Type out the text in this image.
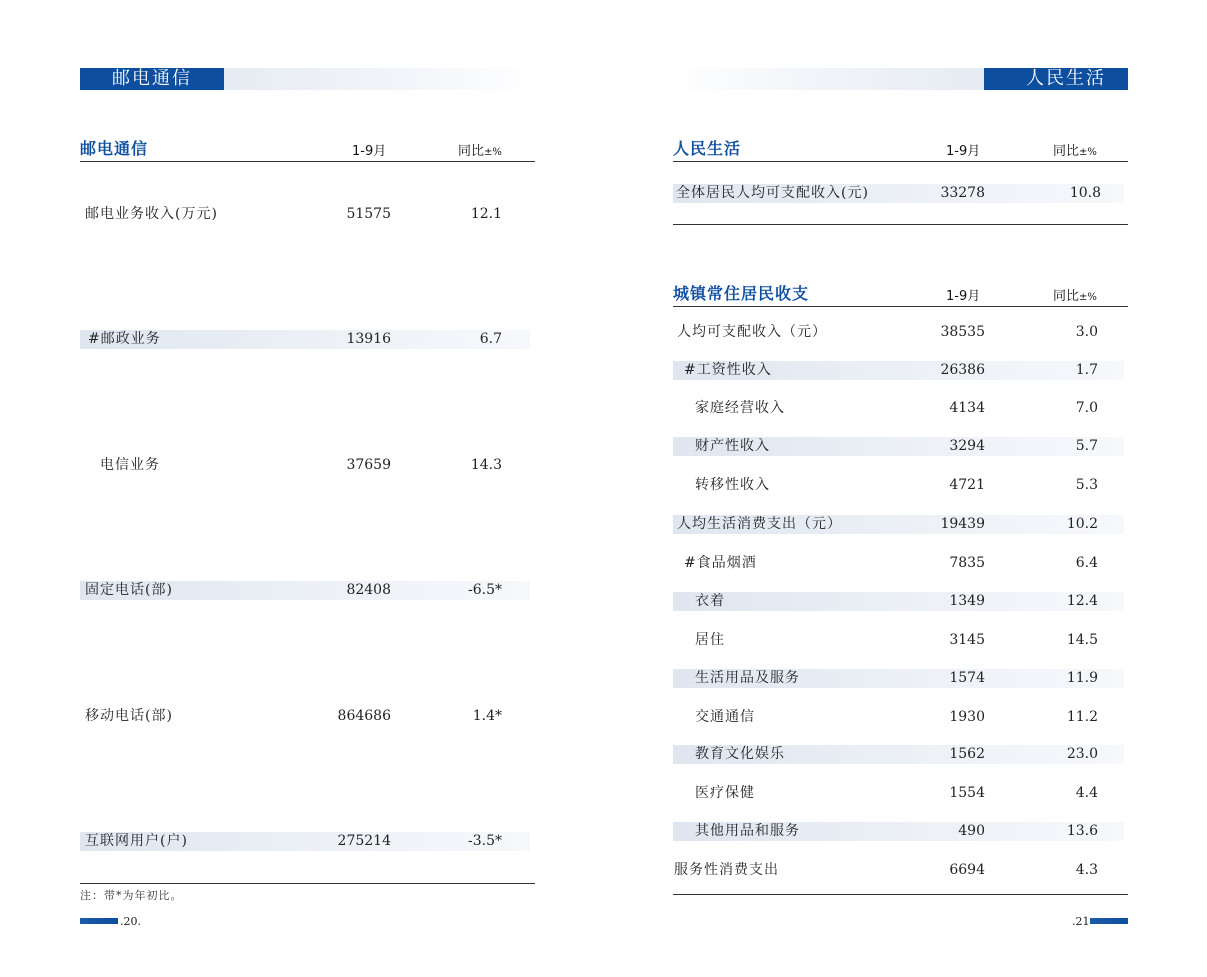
邮电通信
邮电通信	1-9月	同比±%
邮电业务收入(万元)	51575	12.1
#邮政业务	13916	6.7
电信业务	37659	14.3
固定电话(部)	82408	-6.5*
移动电话(部)	864686	1.4*
互联网用户(户)	275214	-3.5*
注：带*为年初比。
.20.
人民生活
人民生活	1-9月	同比±%
全体居民人均可支配收入(元)	33278	10.8
城镇常住居民收支	1-9月	同比±%
人均可支配收入（元）	38535	3.0
#工资性收入	26386	1.7
家庭经营收入	4134	7.0
财产性收入	3294	5.7
转移性收入	4721	5.3
人均生活消费支出（元）	19439	10.2
#食品烟酒	7835	6.4
衣着	1349	12.4
居住	3145	14.5
生活用品及服务	1574	11.9
交通通信	1930	11.2
教育文化娱乐	1562	23.0
医疗保健	1554	4.4
其他用品和服务	490	13.6
服务性消费支出	6694	4.3
.21
